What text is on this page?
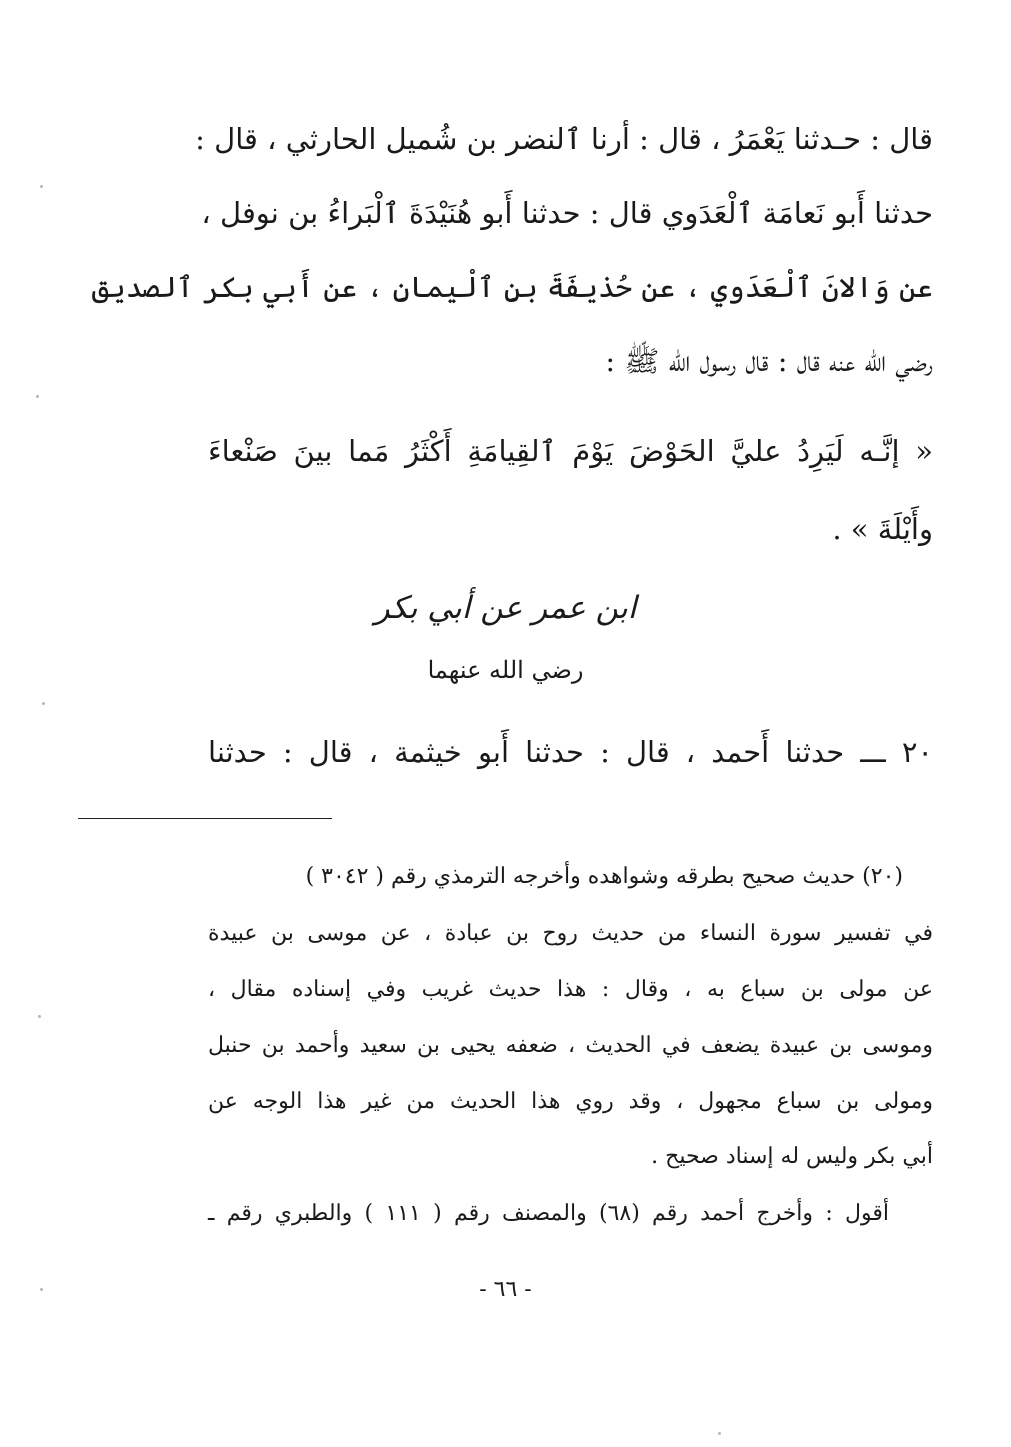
قال : حـدثنا يَعْمَرُ ، قال : أرنا ٱلنضر بن شُميل الحارثي ، قال :
حدثنا أَبو نَعامَة ٱلْعَدَوي قال : حدثنا أَبو هُنَيْدَةَ ٱلْبَراءُ بن نوفل ،
عن وَالانَ ٱلْعَدَوي ، عن حُذيفَةَ بنِ ٱلْيمانِ ، عن أَبي بكر ٱلصديق
رضي الله عنه قال : قال رسول الله ﷺ :
« إنَّـه لَيَرِدُ عليَّ الحَوْضَ يَوْمَ ٱلقِيامَةِ أَكْثَرُ مَما بينَ صَنْعاءَ
وأَيْلَةَ » .
ابن عمر عن أبي بكر
رضي الله عنهما
٢٠ ـــ حدثنا أَحمد ، قال : حدثنا أَبو خيثمة ، قال : حدثنا
(٢٠) حديث صحيح بطرقه وشواهده وأخرجه الترمذي رقم ( ٣٠٤٢ )
في تفسير سورة النساء من حديث روح بن عبادة ، عن موسى بن عبيدة
عن مولى بن سباع به ، وقال : هذا حديث غريب وفي إسناده مقال ،
وموسى بن عبيدة يضعف في الحديث ، ضعفه يحيى بن سعيد وأحمد بن حنبل
ومولى بن سباع مجهول ، وقد روي هذا الحديث من غير هذا الوجه عن
أبي بكر وليس له إسناد صحيح .
أقول : وأخرج أحمد رقم (٦٨) والمصنف رقم ( ١١١ ) والطبري رقم ـ
- ٦٦ -
